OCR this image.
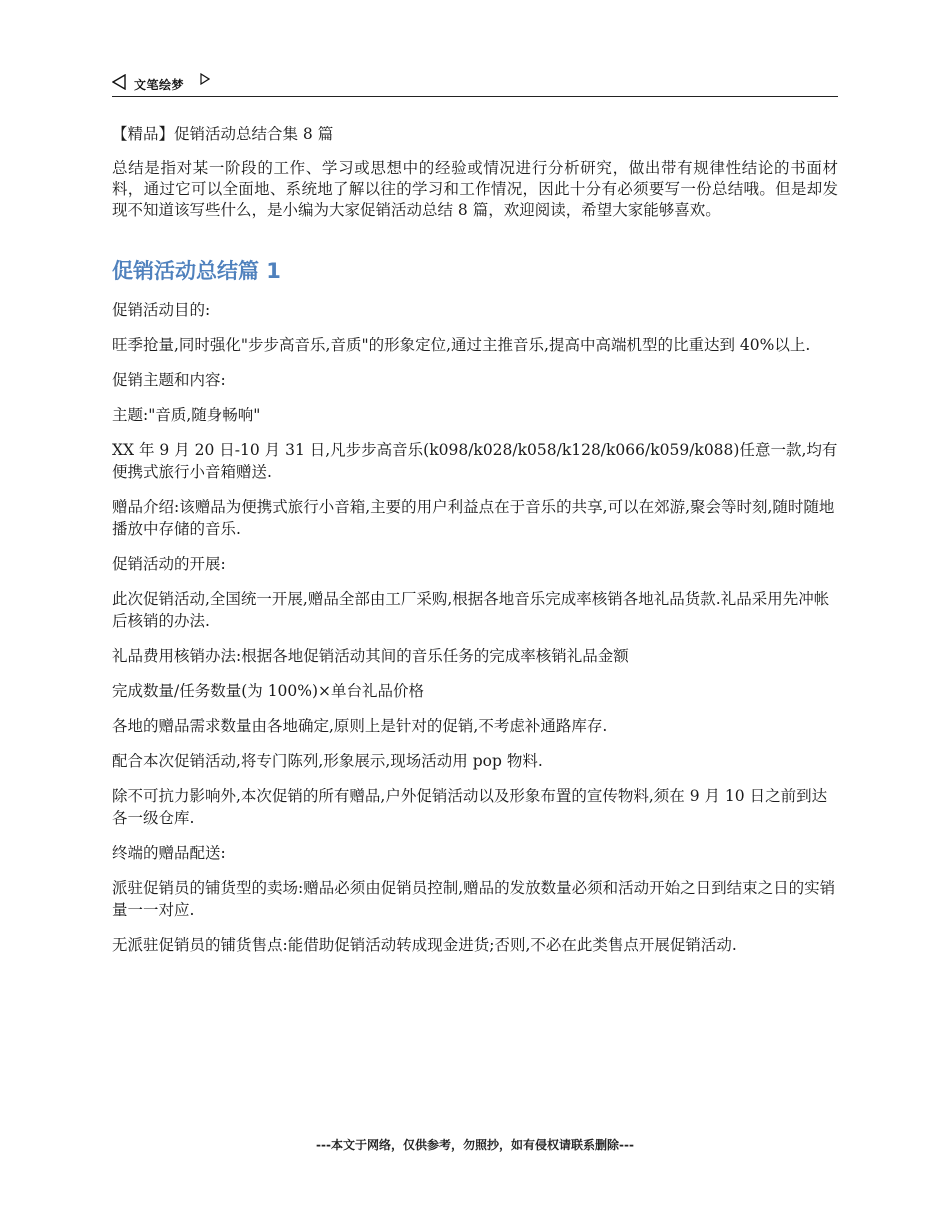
文笔绘梦

【精品】促销活动总结合集 8 篇

总结是指对某一阶段的工作、学习或思想中的经验或情况进行分析研究，做出带有规律性结论的书面材料，通过它可以全面地、系统地了解以往的学习和工作情况，因此十分有必须要写一份总结哦。但是却发现不知道该写些什么，是小编为大家促销活动总结 8 篇，欢迎阅读，希望大家能够喜欢。

促销活动总结篇 1

促销活动目的:

旺季抢量,同时强化"步步高音乐,音质"的形象定位,通过主推音乐,提高中高端机型的比重达到 40%以上.

促销主题和内容:

主题:"音质,随身畅响"

XX 年 9 月 20 日-10 月 31 日,凡步步高音乐(k098/k028/k058/k128/k066/k059/k088)任意一款,均有便携式旅行小音箱赠送.

赠品介绍:该赠品为便携式旅行小音箱,主要的用户利益点在于音乐的共享,可以在郊游,聚会等时刻,随时随地播放中存储的音乐.

促销活动的开展:

此次促销活动,全国统一开展,赠品全部由工厂采购,根据各地音乐完成率核销各地礼品货款.礼品采用先冲帐后核销的办法.

礼品费用核销办法:根据各地促销活动其间的音乐任务的完成率核销礼品金额

完成数量/任务数量(为 100%)×单台礼品价格

各地的赠品需求数量由各地确定,原则上是针对的促销,不考虑补通路库存.

配合本次促销活动,将专门陈列,形象展示,现场活动用 pop 物料.

除不可抗力影响外,本次促销的所有赠品,户外促销活动以及形象布置的宣传物料,须在 9 月 10 日之前到达各一级仓库.

终端的赠品配送:

派驻促销员的铺货型的卖场:赠品必须由促销员控制,赠品的发放数量必须和活动开始之日到结束之日的实销量一一对应.

无派驻促销员的铺货售点:能借助促销活动转成现金进货;否则,不必在此类售点开展促销活动.

---本文于网络，仅供参考，勿照抄，如有侵权请联系删除---
